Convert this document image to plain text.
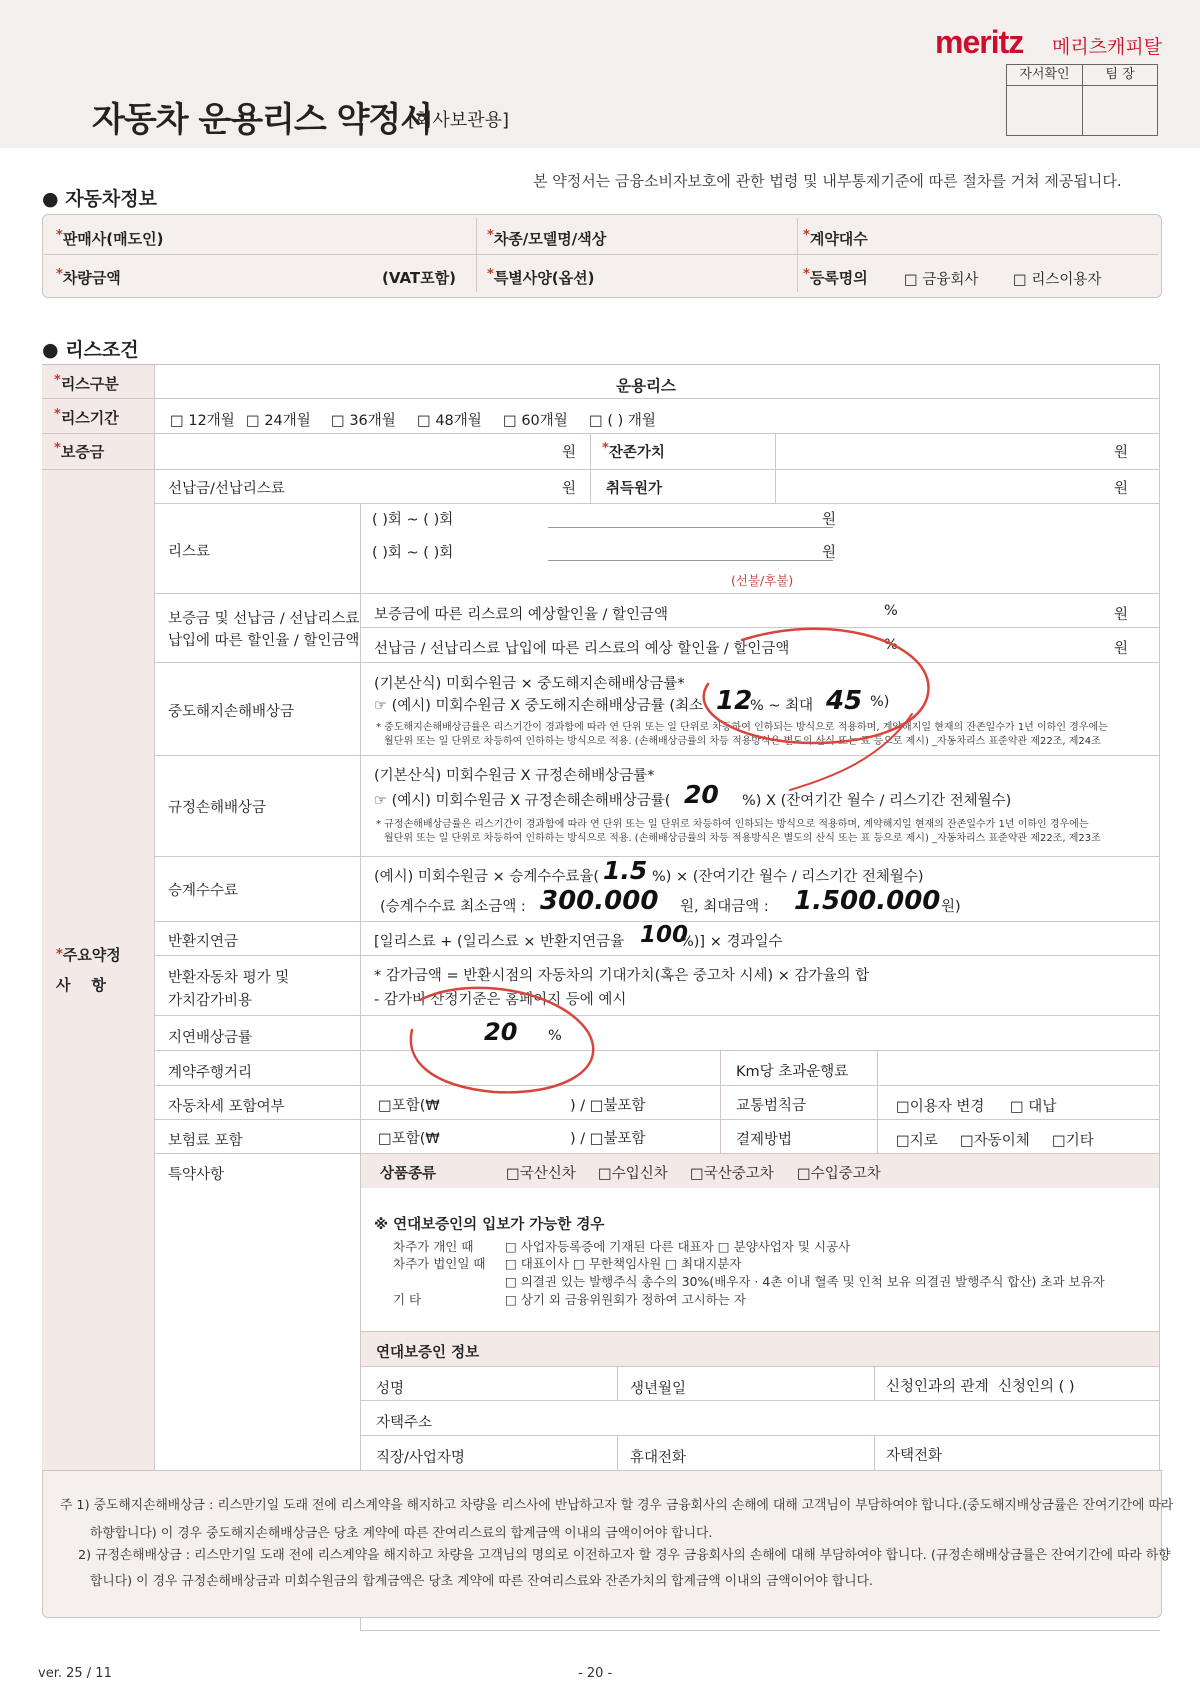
meritz 메리츠캐피탈
자동차 운용리스 약정서
[회사보관용]
자서확인	팀 장
본 약정서는 금융소비자보호에 관한 법령 및 내부통제기준에 따른 절차를 거쳐 제공됩니다.
● 자동차정보
*판매사(매도인)	*차종/모델명/색상	*계약대수
*차량금액	(VAT포함) *특별사양(옵션)	*등록명의 □ 금융회사 □ 리스이용자
● 리스조건
*리스구분	운용리스
*리스기간	□ 12개월 □ 24개월 □ 36개월 □ 48개월 □ 60개월 □ ( ) 개월
*보증금	원 *잔존가치	원
선납금/선납리스료	원 취득원가	원
리스료
( )회 ~ ( )회	원
( )회 ~ ( )회	원
(선불/후불)
보증금 및 선납금 / 선납리스료
납입에 따른 할인율 / 할인금액
보증금에 따른 리스료의 예상할인율 / 할인금액	%	원
선납금 / 선납리스료 납입에 따른 리스료의 예상 할인율 / 할인금액	%	원
중도해지손해배상금
(기본산식) 미회수원금 × 중도해지손해배상금률*
☞ (예시) 미회수원금 X 중도해지손해배상금률 (최소 12
% ~ 최대 45 %)
* 중도해지손해배상금률은 리스기간이 경과함에 따라 연 단위 또는 일 단위로 차등하여 인하되는 방식으로 적용하며, 계약해지일 현재의 잔존일수가 1년 이하인 경우에는
월단위 또는 일 단위로 차등하여 인하하는 방식으로 적용. (손해배상금률의 차등 적용방식은 별도의 산식 또는 표 등으로 제시) _자동차리스 표준약관 제22조, 제24조
규정손해배상금
(기본산식) 미회수원금 X 규정손해배상금률*
☞ (예시) 미회수원금 X 규정손해손해배상금률( 20 %) X (잔여기간 월수 / 리스기간 전체월수)
* 규정손해배상금률은 리스기간이 경과함에 따라 연 단위 또는 일 단위로 차등하여 인하되는 방식으로 적용하며, 계약해지일 현재의 잔존일수가 1년 이하인 경우에는
월단위 또는 일 단위로 차등하여 인하하는 방식으로 적용. (손해배상금률의 차등 적용방식은 별도의 산식 또는 표 등으로 제시) _자동차리스 표준약관 제22조, 제23조
승계수수료
(예시) 미회수원금 × 승계수수료율( 1.5 %) × (잔여기간 월수 / 리스기간 전체월수)
(승계수수료 최소금액 : 300.000 원, 최대금액 : 1.500.000 원)
*주요약정
사    항
반환지연금	[일리스료 + (일리스료 × 반환지연금율 100
%)] × 경과일수
반환자동차 평가 및
가치감가비용
* 감가금액 = 반환시점의 자동차의 기대가치(혹은 중고차 시세) × 감가율의 합
- 감가비 산정기준은 홈페이지 등에 예시
지연배상금률	20 %
계약주행거리	Km당 초과운행료
자동차세 포함여부	□포함(₩	) / □불포함	교통범칙금	□이용자 변경 □ 대납
보험료 포함	□포함(₩	) / □불포함	결제방법	□지로 □자동이체 □기타
특약사항	상품종류	□국산신차 □수입신차 □국산중고차 □수입중고차
※ 연대보증인의 입보가 가능한 경우
차주가 개인 때	□ 사업자등록증에 기재된 다른 대표자 □ 분양사업자 및 시공사
차주가 법인일 때 □ 대표이사 □ 무한책임사원 □ 최대지분자
□ 의결권 있는 발행주식 총수의 30%(배우자 · 4촌 이내 혈족 및 인척 보유 의결권 발행주식 합산) 초과 보유자
기 타	□ 상기 외 금융위원회가 정하여 고시하는 자
연대보증인 정보
성명	생년월일	신청인과의 관계 신청인의 ( )
자택주소
직장/사업자명	휴대전화	자택전화
주 1) 중도해지손해배상금 : 리스만기일 도래 전에 리스계약을 해지하고 차량을 리스사에 반납하고자 할 경우 금융회사의 손해에 대해 고객님이 부담하여야 합니다.(중도해지배상금률은 잔여기간에 따라
하향합니다) 이 경우 중도해지손해배상금은 당초 계약에 따른 잔여리스료의 합계금액 이내의 금액이어야 합니다.
2) 규정손해배상금 : 리스만기일 도래 전에 리스계약을 해지하고 차량을 고객님의 명의로 이전하고자 할 경우 금융회사의 손해에 대해 부담하여야 합니다. (규정손해배상금률은 잔여기간에 따라 하향
합니다) 이 경우 규정손해배상금과 미회수원금의 합계금액은 당초 계약에 따른 잔여리스료와 잔존가치의 합계금액 이내의 금액이어야 합니다.
ver. 25 / 11	- 20 -
